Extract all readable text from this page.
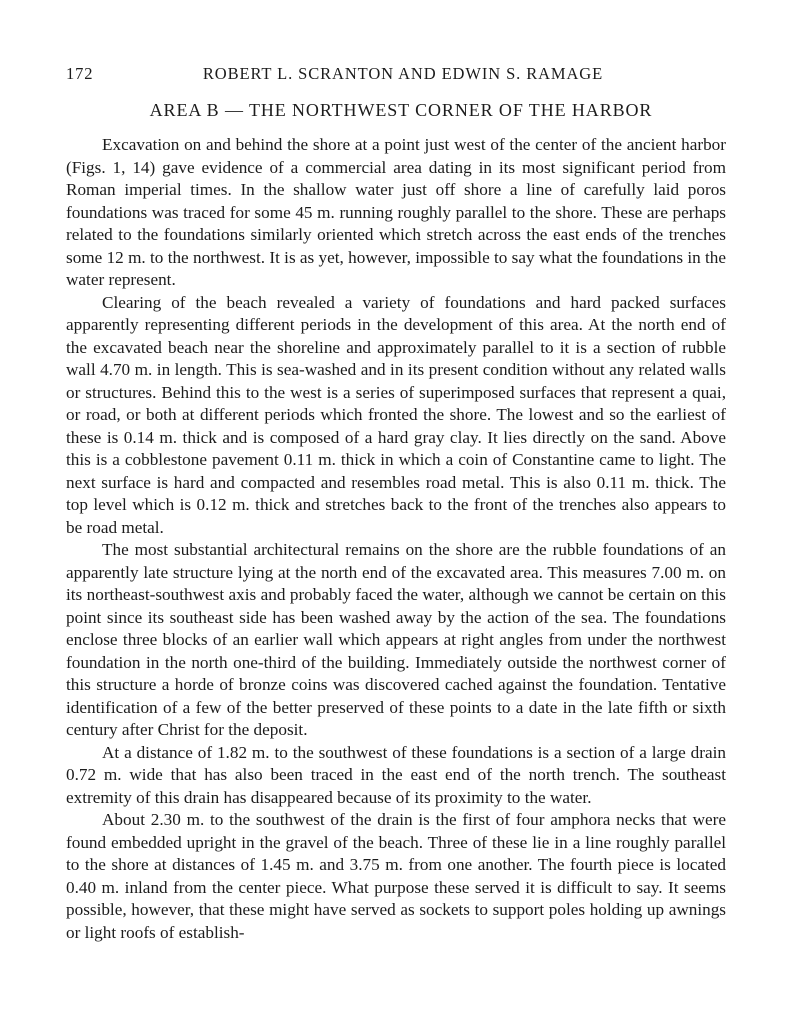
172	ROBERT L. SCRANTON AND EDWIN S. RAMAGE
AREA B — THE NORTHWEST CORNER OF THE HARBOR

Excavation on and behind the shore at a point just west of the center of the ancient harbor (Figs. 1, 14) gave evidence of a commercial area dating in its most significant period from Roman imperial times. In the shallow water just off shore a line of carefully laid poros foundations was traced for some 45 m. running roughly parallel to the shore. These are perhaps related to the foundations similarly oriented which stretch across the east ends of the trenches some 12 m. to the northwest. It is as yet, however, impossible to say what the foundations in the water represent.

Clearing of the beach revealed a variety of foundations and hard packed surfaces apparently representing different periods in the development of this area. At the north end of the excavated beach near the shoreline and approximately parallel to it is a section of rubble wall 4.70 m. in length. This is sea-washed and in its present condition without any related walls or structures. Behind this to the west is a series of superimposed surfaces that represent a quai, or road, or both at different periods which fronted the shore. The lowest and so the earliest of these is 0.14 m. thick and is composed of a hard gray clay. It lies directly on the sand. Above this is a cobblestone pavement 0.11 m. thick in which a coin of Constantine came to light. The next surface is hard and compacted and resembles road metal. This is also 0.11 m. thick. The top level which is 0.12 m. thick and stretches back to the front of the trenches also appears to be road metal.

The most substantial architectural remains on the shore are the rubble foundations of an apparently late structure lying at the north end of the excavated area. This measures 7.00 m. on its northeast-southwest axis and probably faced the water, although we cannot be certain on this point since its southeast side has been washed away by the action of the sea. The foundations enclose three blocks of an earlier wall which appears at right angles from under the northwest foundation in the north one-third of the building. Immediately outside the northwest corner of this structure a horde of bronze coins was discovered cached against the foundation. Tentative identification of a few of the better preserved of these points to a date in the late fifth or sixth century after Christ for the deposit.

At a distance of 1.82 m. to the southwest of these foundations is a section of a large drain 0.72 m. wide that has also been traced in the east end of the north trench. The southeast extremity of this drain has disappeared because of its proximity to the water.

About 2.30 m. to the southwest of the drain is the first of four amphora necks that were found embedded upright in the gravel of the beach. Three of these lie in a line roughly parallel to the shore at distances of 1.45 m. and 3.75 m. from one another. The fourth piece is located 0.40 m. inland from the center piece. What purpose these served it is difficult to say. It seems possible, however, that these might have served as sockets to support poles holding up awnings or light roofs of establish-
